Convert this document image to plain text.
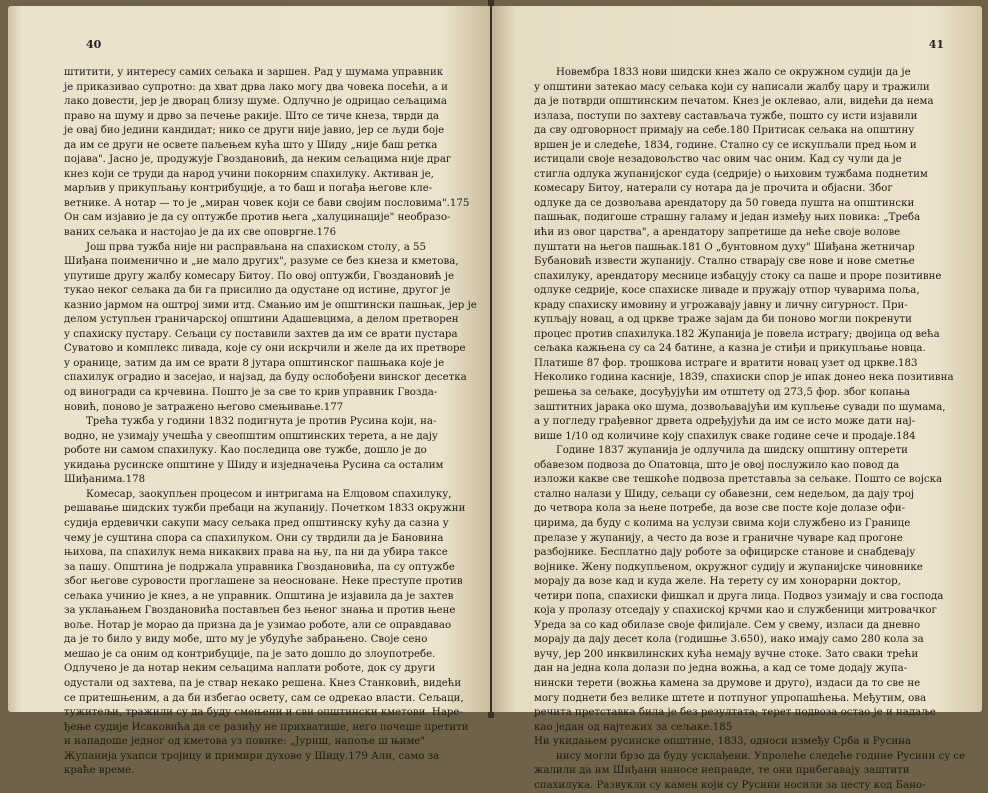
40
штитити, у интересу самих сељака и заршен. Рад у шумама управник
је приказивао супротно: да хват дрва лако могу два човека посећи, а и
лако довести, јер је дворац близу шуме. Одлучно је одрицао сељацима
право на шуму и дрво за печење ракије. Што се тиче кнеза, тврди да
је овај био једини кандидат; нико се други није јавио, јер се људи боје
да им се други не освете паљењем кућа што у Шиду „није баш ретка
појава". Јасно је, продужује Гвоздановић, да неким сељацима није драг
кнез који се труди да народ учини покорним спахилуку. Активан је,
марљив у прикупљању контрибуције, а то баш и погађа његове кле-
ветнике. А нотар — то је „миран човек који се бави својим пословима".175
Он сам изјавио је да су оптужбе против њега „халуцинације" необразо-
ваних сељака и настојао је да их све оповргне.176
Још прва тужба није ни расправљана на спахиском столу, а 55
Шиђана поименично и „не мало других", разуме се без кнеза и кметова,
упутише другу жалбу комесару Битоу. По овој оптужби, Гвоздановић је
тукао неког сељака да би га присилио да одустане од истине, другог је
казнио јармом на оштрој зими итд. Смањио им је општински пашњак, јер је
делом уступљен граничарској општини Адашевцима, а делом претворен
у спахиску пустару. Сељаци су поставили захтев да им се врати пустара
Суватово и комплекс ливада, које су они искрчили и желе да их претворе
у оранице, затим да им се врати 8 јутара општинског пашњака које је
спахилук оградио и засејао, и најзад, да буду ослобођени винског десетка
од виногради са крчевина. Пошто је за све то крив управник Гвозда-
новић, поново је затражено његово смењивање.177
Трећа тужба у години 1832 подигнута је против Русина који, на-
водно, не узимају учешћа у свеопштим општинских терета, а не дају
роботе ни самом спахилуку. Као последица ове тужбе, дошло је до
укидања русинске општине у Шиду и изједначења Русина са осталим
Шиђанима.178
Комесар, заокупљен процесом и интригама на Елцовом спахилуку,
решавање шидских тужби пребаци на жупанију. Почетком 1833 окружни
судија ердевички сакупи масу сељака пред општинску кућу да сазна у
чему је суштина спора са спахилуком. Они су тврдили да је Бановина
њихова, па спахилук нема никаквих права на њу, па ни да убира таксе
за пашу. Општина је подржала управника Гвоздановића, па су оптужбе
због његове суровости проглашене за неосноване. Неке преступе против
сељака учинио је кнез, а не управник. Општина је изјавила да је захтев
за уклањањем Гвоздановића постављен без њеног знања и против њене
воље. Нотар је морао да призна да је узимао роботе, али се оправдавао
да је то било у виду мобе, што му је убудуће забрањено. Своје сено
мешао је са оним од контрибуције, па је зато дошло до злоупотребе.
Одлучено је да нотар неким сељацима наплати роботе, док су други
одустали од захтева, па је ствар некако решена. Кнез Станковић, видећи
се притешњеним, а да би избегао освету, сам се одрекао власти. Сељаци,
тужитељи, тражили су да буду смењени и сви општински кметови. Наре-
ђење судије Исаковића да се разиђу не прихватише, него почеше претити
и нападоше једног од кметова уз повике: „Јуриш, напоље ш њиме"
Жупанија ухапси тројицу и примири духове у Шиду.179 Али, само за
краће време.
41
Новембра 1833 нови шидски кнез жало се окружном судији да је
у општини затекао масу сељака који су написали жалбу цару и тражили
да је потврди општинским печатом. Кнез је оклевао, али, видећи да нема
излаза, поступи по захтеву састављача тужбе, пошто су исти изјавили
да сву одговорност примају на себе.180 Притисак сељака на општину
вршен је и следеће, 1834, године. Стално су се искупљали пред њом и
истицали своје незадовољство час овим час оним. Кад су чули да је
стигла одлука жупанијског суда (седрије) о њиховим тужбама поднетим
комесару Битоу, натерали су нотара да је прочита и објасни. Због
одлуке да се дозвољава арендатору да 50 говеда пушта на општински
пашњак, подигоше страшну галаму и један између њих повика: „Треба
ићи из овог царства", а арендатору запретише да неће своје волове
пуштати на његов пашњак.181 О „бунтовном духу" Шиђана жетничар
Бубановић извести жупанију. Стално стварају све нове и нове сметње
спахилуку, арендатору меснице избацују стоку са паше и прорe позитивне
одлуке седрије, косе спахиске ливаде и пружају отпор чуварима поља,
краду спахиску имовину и угрожавају јавну и личну сигурност. При-
купљају новац, а од цркве траже зајам да би поново могли покренути
процес против спахилука.182 Жупанија је повела истрагу; двојица од већа
сељака кажњена су са 24 батине, а казна је стиђи и прикупљање новца.
Платише 87 фор. трошкова истраге и вратити новац узет од цркве.183
Неколико година касније, 1839, спахиски спор је ипак донео нека позитивна
решења за сељаке, досуђујући им отштету од 273,5 фор. због копања
заштитних јарака око шума, дозвољавајући им купљење сувади по шумама,
а у погледу грађевног дрвета одређујући да им се исто може дати нај-
више 1/10 од количине коју спахилук сваке године сече и продаје.184
Године 1837 жупанија је одлучила да шидску општину оптерети
обавезом подвоза до Опатовца, што је овој послужило као повод да
изложи какве све тешкоће подвоза претставља за сељаке. Пошто се војска
стално налази у Шиду, сељаци су обавезни, сем недељом, да дају трој
до четвора кола за њене потребе, да возе све посте које долазе офи-
цирима, да буду с колима на услузи свима који службено из Границе
прелазе у жупанију, а често да возе и граничне чуваре кад прогоне
разбојнике. Бесплатно дају роботе за официрске станове и снабдевају
војнике. Жену подкупљеном, окружног судију и жупанијске чиновнике
морају да возе кад и куда желе. На терету су им хонорарни доктор,
четири попа, спахиски фишкал и друга лица. Подвоз узимају и сва господа
која у пролазу отседају у спахиској крчми као и службеници митровачког
Уреда за со кад обилазе своје филијале. Сем у свему, изласи да дневно
морају да дају десет кола (годишње 3.650), иако имају само 280 кола за
вучу, јер 200 инквилинских кућа немају вучне стоке. Зато сваки трећи
дан на једна кола долази по једна вожња, а кад се томе додају жупа-
нински терети (вожња камена за друмове и друго), издаси да то све не
могу поднети без велике штете и потпуног упропашћења. Међутим, ова
речита претставка била је без резултата; терет подвоза остао је и надаље
као један од најтежих за сељаке.185
Ни укидањем русинске општине, 1833, односи између Срба и Русина
нису могли брзо да буду усклађени. Упролеће следеће године Русини су се
жалили да им Шиђани наносе неправде, те они прибегавају заштити
спахилука. Развукли су камен који су Русини носили за цесту код Бано-
